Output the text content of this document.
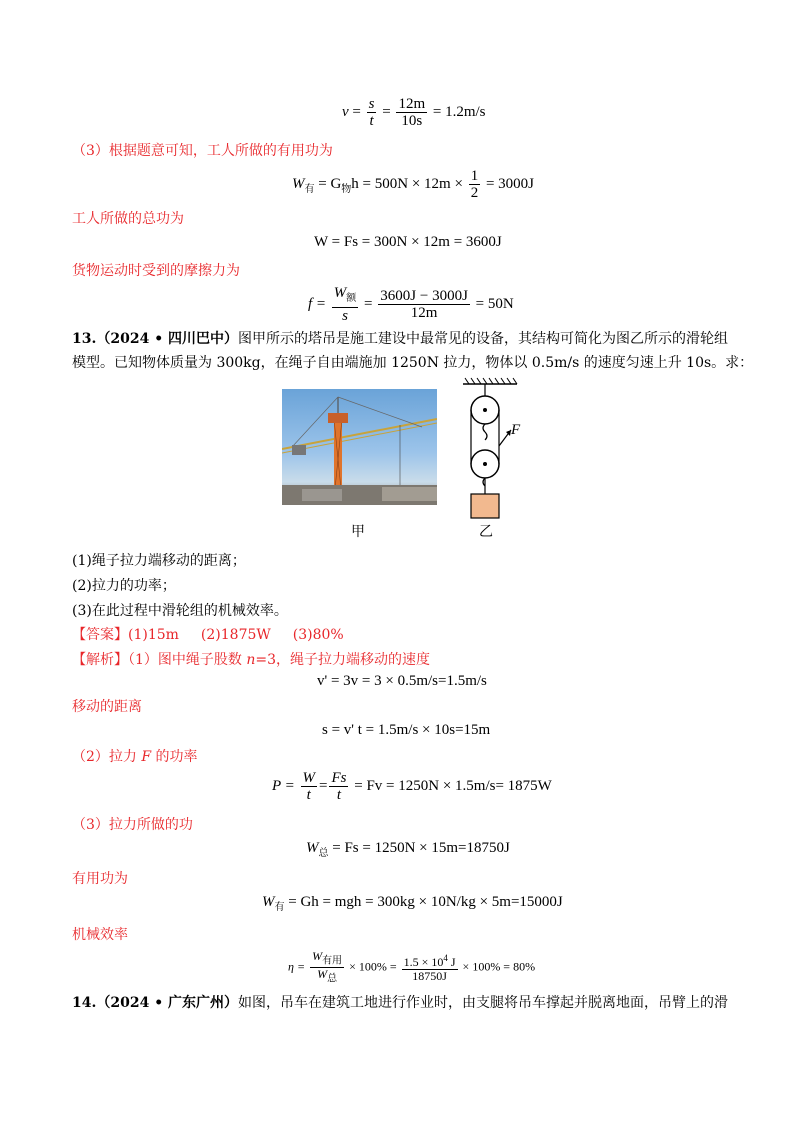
$v = \frac{s}{t} = \frac{12m}{10s} = 1.2m/s$
（3）根据题意可知，工人所做的有用功为
$W_有 = G_物h = 500N \times 12m \times \frac{1}{2} = 3000J$
工人所做的总功为
W = Fs = 300N × 12m = 3600J
货物运动时受到的摩擦力为
$f = \frac{W_额}{s} = \frac{3600J - 3000J}{12m} = 50N$
13.（2024 • 四川巴中）图甲所示的塔吊是施工建设中最常见的设备，其结构可简化为图乙所示的滑轮组
模型。已知物体质量为 300kg，在绳子自由端施加 1250N 拉力，物体以 0.5m/s 的速度匀速上升 10s。求：
甲
F
乙
(1)绳子拉力端移动的距离；
(2)拉力的功率；
(3)在此过程中滑轮组的机械效率。
【答案】(1)15m (2)1875W (3)80%
【解析】（1）图中绳子股数 n=3，绳子拉力端移动的速度
v' = 3v = 3 × 0.5m/s=1.5m/s
移动的距离
s = v' t = 1.5m/s × 10s=15m
（2）拉力 F 的功率
$P = \frac{W}{t} = \frac{Fs}{t} = Fv = 1250N \times 1.5m/s= 1875W$
（3）拉力所做的功
$W_总 = Fs = 1250N \times 15m=18750J$
有用功为
$W_有 = Gh$ = mgh = 300kg × 10N/kg × 5m=15000J
机械效率
$\eta = \frac{W_{有用}}{W_总} \times 100\% = \frac{1.5 \times 10^4 J}{18750J} \times 100\% = 80\%$
14.（2024 • 广东广州）如图，吊车在建筑工地进行作业时，由支腿将吊车撑起并脱离地面，吊臂上的滑
